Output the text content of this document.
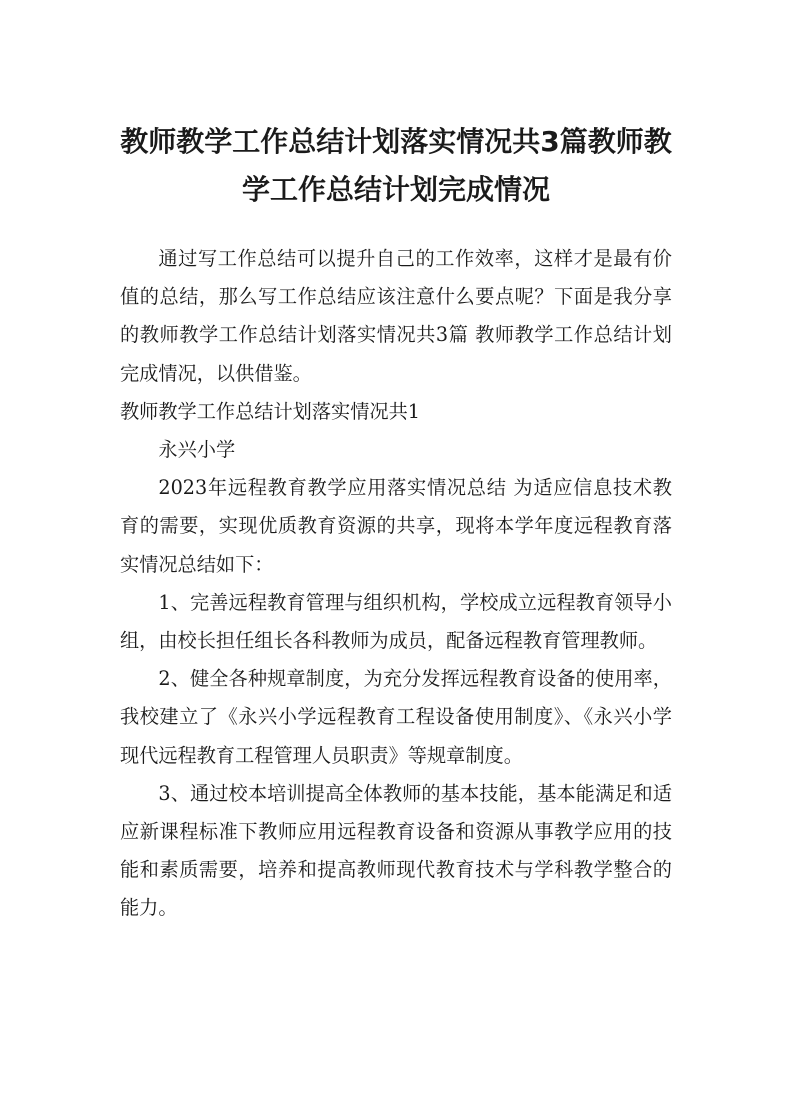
教师教学工作总结计划落实情况共3篇教师教学工作总结计划完成情况

通过写工作总结可以提升自己的工作效率，这样才是最有价值的总结，那么写工作总结应该注意什么要点呢？下面是我分享的教师教学工作总结计划落实情况共3篇 教师教学工作总结计划完成情况，以供借鉴。

教师教学工作总结计划落实情况共1

永兴小学

2023年远程教育教学应用落实情况总结 为适应信息技术教育的需要，实现优质教育资源的共享，现将本学年度远程教育落实情况总结如下：

1、完善远程教育管理与组织机构，学校成立远程教育领导小组，由校长担任组长各科教师为成员，配备远程教育管理教师。

2、健全各种规章制度，为充分发挥远程教育设备的使用率，我校建立了《永兴小学远程教育工程设备使用制度》、《永兴小学现代远程教育工程管理人员职责》等规章制度。

3、通过校本培训提高全体教师的基本技能，基本能满足和适应新课程标准下教师应用远程教育设备和资源从事教学应用的技能和素质需要，培养和提高教师现代教育技术与学科教学整合的能力。
